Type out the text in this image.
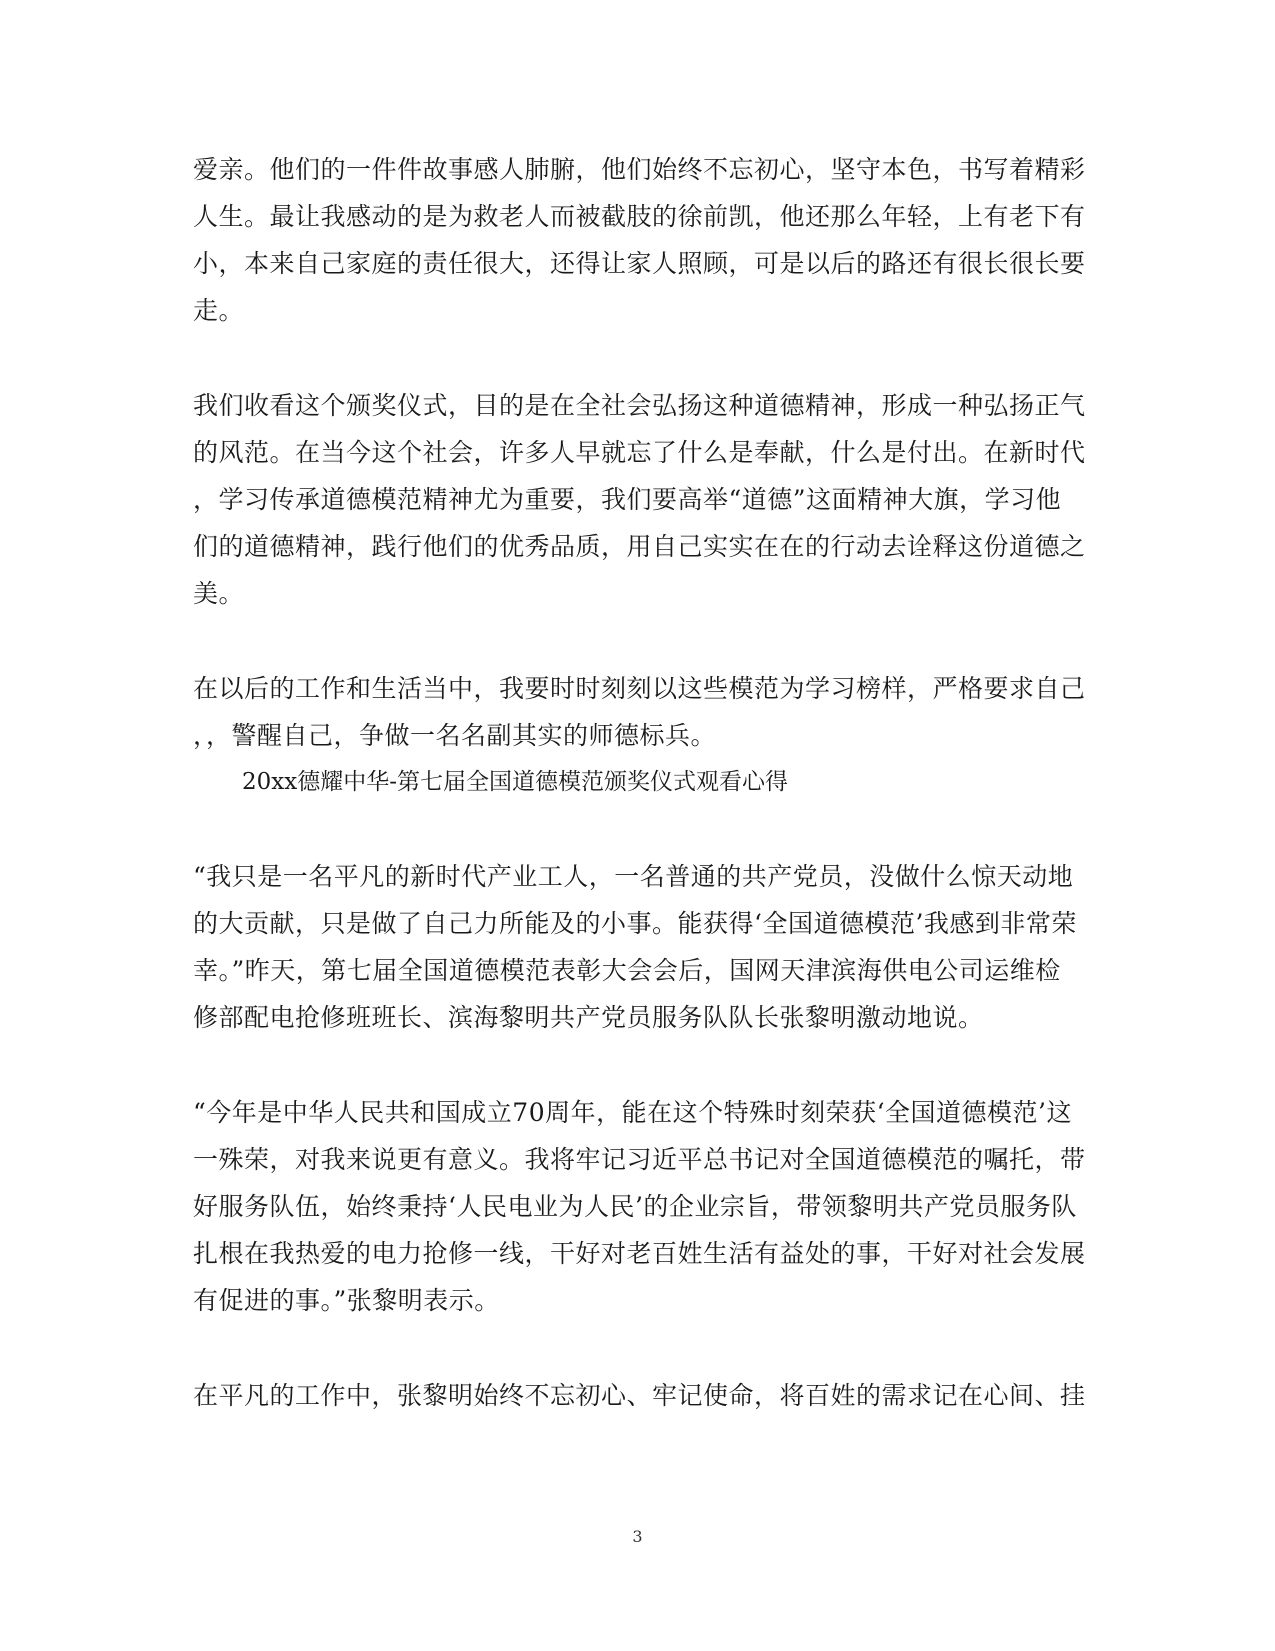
爱亲。他们的一件件故事感人肺腑，他们始终不忘初心，坚守本色，书写着精彩
人生。最让我感动的是为救老人而被截肢的徐前凯，他还那么年轻，上有老下有
小，本来自己家庭的责任很大，还得让家人照顾，可是以后的路还有很长很长要
走。
我们收看这个颁奖仪式，目的是在全社会弘扬这种道德精神，形成一种弘扬正气
的风范。在当今这个社会，许多人早就忘了什么是奉献，什么是付出。在新时代
，学习传承道德模范精神尤为重要，我们要高举“道德”这面精神大旗，学习他
们的道德精神，践行他们的优秀品质，用自己实实在在的行动去诠释这份道德之
美。
在以后的工作和生活当中，我要时时刻刻以这些模范为学习榜样，严格要求自己
，，警醒自己，争做一名名副其实的师德标兵。
20xx德耀中华-第七届全国道德模范颁奖仪式观看心得
“我只是一名平凡的新时代产业工人，一名普通的共产党员，没做什么惊天动地
的大贡献，只是做了自己力所能及的小事。能获得‘全国道德模范’我感到非常荣
幸。”昨天，第七届全国道德模范表彰大会会后，国网天津滨海供电公司运维检
修部配电抢修班班长、滨海黎明共产党员服务队队长张黎明激动地说。
“今年是中华人民共和国成立70周年，能在这个特殊时刻荣获‘全国道德模范’这
一殊荣，对我来说更有意义。我将牢记习近平总书记对全国道德模范的嘱托，带
好服务队伍，始终秉持‘人民电业为人民’的企业宗旨，带领黎明共产党员服务队
扎根在我热爱的电力抢修一线，干好对老百姓生活有益处的事，干好对社会发展
有促进的事。”张黎明表示。
在平凡的工作中，张黎明始终不忘初心、牢记使命，将百姓的需求记在心间、挂
3
